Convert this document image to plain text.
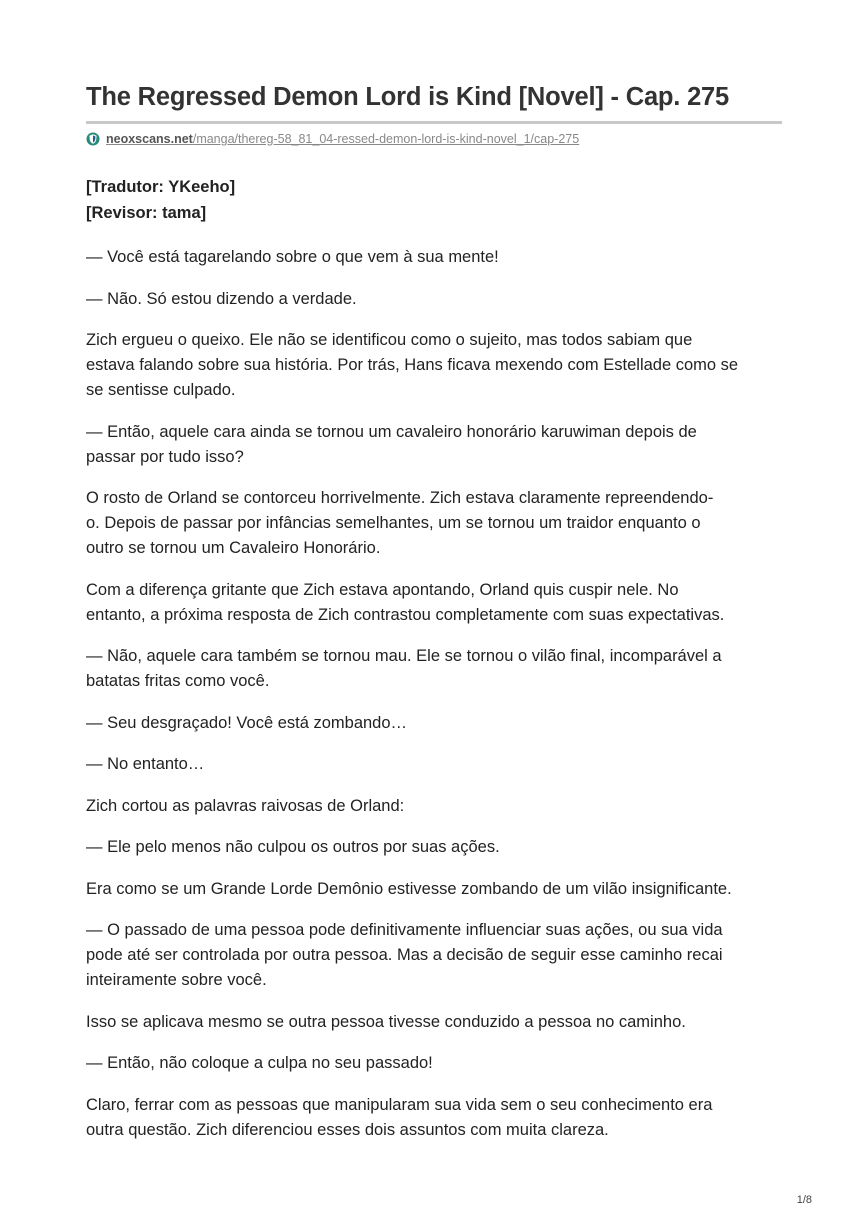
The Regressed Demon Lord is Kind [Novel] - Cap. 275
neoxscans.net/manga/thereg-58_81_04-ressed-demon-lord-is-kind-novel_1/cap-275
[Tradutor: YKeeho]
[Revisor: tama]
— Você está tagarelando sobre o que vem à sua mente!
— Não. Só estou dizendo a verdade.
Zich ergueu o queixo. Ele não se identificou como o sujeito, mas todos sabiam que
estava falando sobre sua história. Por trás, Hans ficava mexendo com Estellade como se
se sentisse culpado.
— Então, aquele cara ainda se tornou um cavaleiro honorário karuwiman depois de
passar por tudo isso?
O rosto de Orland se contorceu horrivelmente. Zich estava claramente repreendendo-
o. Depois de passar por infâncias semelhantes, um se tornou um traidor enquanto o
outro se tornou um Cavaleiro Honorário.
Com a diferença gritante que Zich estava apontando, Orland quis cuspir nele. No
entanto, a próxima resposta de Zich contrastou completamente com suas expectativas.
— Não, aquele cara também se tornou mau. Ele se tornou o vilão final, incomparável a
batatas fritas como você.
— Seu desgraçado! Você está zombando…
— No entanto…
Zich cortou as palavras raivosas de Orland:
— Ele pelo menos não culpou os outros por suas ações.
Era como se um Grande Lorde Demônio estivesse zombando de um vilão insignificante.
— O passado de uma pessoa pode definitivamente influenciar suas ações, ou sua vida
pode até ser controlada por outra pessoa. Mas a decisão de seguir esse caminho recai
inteiramente sobre você.
Isso se aplicava mesmo se outra pessoa tivesse conduzido a pessoa no caminho.
— Então, não coloque a culpa no seu passado!
Claro, ferrar com as pessoas que manipularam sua vida sem o seu conhecimento era
outra questão. Zich diferenciou esses dois assuntos com muita clareza.
1/8
